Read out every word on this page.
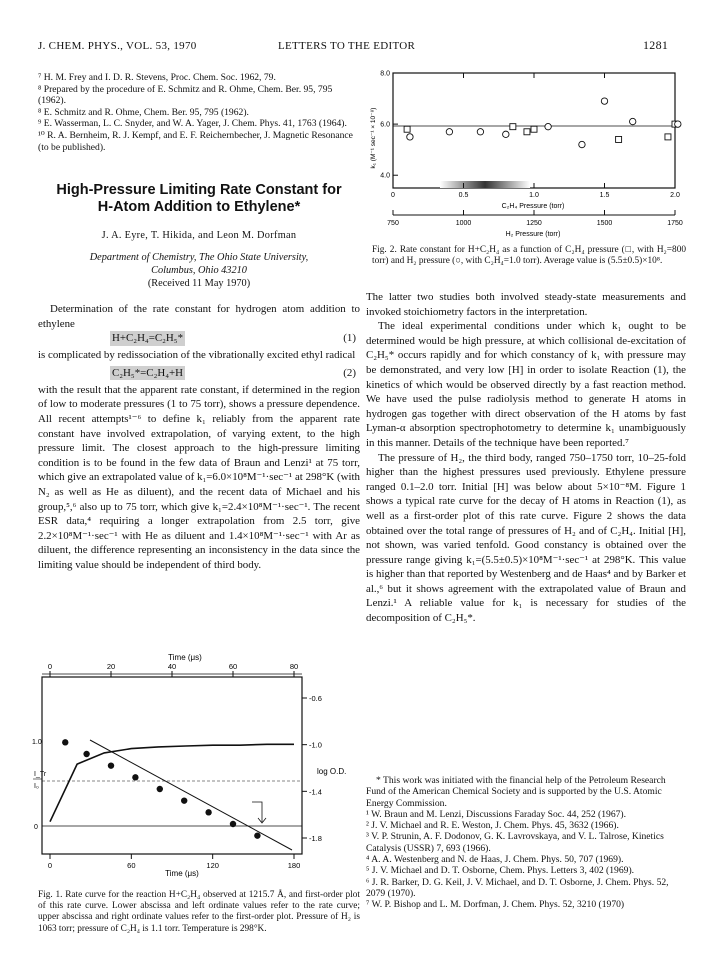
J. CHEM. PHYS., VOL. 53, 1970	LETTERS TO THE EDITOR	1281

⁷ H. M. Frey and I. D. R. Stevens, Proc. Chem. Soc. 1962, 79.

⁸ Prepared by the procedure of E. Schmitz and R. Ohme, Chem. Ber. 95, 795 (1962).

⁸ E. Schmitz and R. Ohme, Chem. Ber. 95, 795 (1962).

⁹ E. Wasserman, L. C. Snyder, and W. A. Yager, J. Chem. Phys. 41, 1763 (1964).

¹⁰ R. A. Bernheim, R. J. Kempf, and E. F. Reichernbecher, J. Magnetic Resonance (to be published).

High-Pressure Limiting Rate Constant for
H-Atom Addition to Ethylene*
J. A. Eyre, T. Hikida, and Leon M. Dorfman
Department of Chemistry, The Ohio State University,
Columbus, Ohio 43210
(Received 11 May 1970)

Determination of the rate constant for hydrogen atom addition to ethylene

H+C₂H₄=C₂H₅*	(1)

is complicated by redissociation of the vibrationally excited ethyl radical

C₂H₅*=C₂H₄+H	(2)

with the result that the apparent rate constant, if determined in the region of low to moderate pressures (1 to 75 torr), shows a pressure dependence. All recent attempts¹⁻⁶ to define k₁ reliably from the apparent rate constant have involved extrapolation, of varying extent, to the high pressure limit. The closest approach to the high-pressure limiting condition is to be found in the few data of Braun and Lenzi¹ at 75 torr, which give an extrapolated value of k₁=6.0×10⁸M⁻¹·sec⁻¹ at 298°K (with N₂ as well as He as diluent), and the recent data of Michael and his group,⁵,⁶ also up to 75 torr, which give k₁=2.4×10⁸M⁻¹·sec⁻¹. The recent ESR data,⁴ requiring a longer extrapolation from 2.5 torr, give 2.2×10⁸M⁻¹·sec⁻¹ with He as diluent and 1.4×10⁸M⁻¹·sec⁻¹ with Ar as diluent, the difference representing an inconsistency in the data since the limiting value should be independent of third body.

Time (μs)
0	20	40	60	80
-0.6
-1.0
-1.4
-1.8
log O.D.
1.0
0
I_Tr
I₀
0	60	120	180
Time (μs)
Fig. 1. Rate curve for the reaction H+C₂H₄ observed at 1215.7 Å, and first-order plot of this rate curve. Lower abscissa and left ordinate values refer to the rate curve; upper abscissa and right ordinate values refer to the first-order plot. Pressure of H₂ is 1063 torr; pressure of C₂H₄ is 1.1 torr. Temperature is 298°K.
8.0
6.0
4.0
k₁ (M⁻¹ sec⁻¹ × 10⁻⁸)
0	0.5	1.0	1.5	2.0
C₂H₄ Pressure (torr)
750	1000	1250	1500	1750
H₂ Pressure (torr)
Fig. 2. Rate constant for H+C₂H₄ as a function of C₂H₄ pressure (□, with H₂=800 torr) and H₂ pressure (○, with C₂H₄=1.0 torr). Average value is (5.5±0.5)×10⁸.

The latter two studies both involved steady-state measurements and invoked stoichiometry factors in the interpretation.

The ideal experimental conditions under which k₁ ought to be determined would be high pressure, at which collisional de-excitation of C₂H₅* occurs rapidly and for which constancy of k₁ with pressure may be demonstrated, and very low [H] in order to isolate Reaction (1), the kinetics of which would be observed directly by a fast reaction method. We have used the pulse radiolysis method to generate H atoms in hydrogen gas together with direct observation of the H atoms by fast Lyman-α absorption spectrophotometry to determine k₁ unambiguously in this manner. Details of the technique have been reported.⁷

The pressure of H₂, the third body, ranged 750–1750 torr, 10–25-fold higher than the highest pressures used previously. Ethylene pressure ranged 0.1–2.0 torr. Initial [H] was below about 5×10⁻⁸M. Figure 1 shows a typical rate curve for the decay of H atoms in Reaction (1), as well as a first-order plot of this rate curve. Figure 2 shows the data obtained over the total range of pressures of H₂ and of C₂H₄. Initial [H], not shown, was varied tenfold. Good constancy is obtained over the pressure range giving k₁=(5.5±0.5)×10⁸M⁻¹·sec⁻¹ at 298°K. This value is higher than that reported by Westenberg and de Haas⁴ and by Barker et al.,⁶ but it shows agreement with the extrapolated value of Braun and Lenzi.¹ A reliable value for k₁ is necessary for studies of the decomposition of C₂H₅*.

* This work was initiated with the financial help of the Petroleum Research Fund of the American Chemical Society and is supported by the U.S. Atomic Energy Commission.

¹ W. Braun and M. Lenzi, Discussions Faraday Soc. 44, 252 (1967).

² J. V. Michael and R. E. Weston, J. Chem. Phys. 45, 3632 (1966).

³ V. P. Strunin, A. F. Dodonov, G. K. Lavrovskaya, and V. L. Talrose, Kinetics Catalysis (USSR) 7, 693 (1966).

⁴ A. A. Westenberg and N. de Haas, J. Chem. Phys. 50, 707 (1969).

⁵ J. V. Michael and D. T. Osborne, Chem. Phys. Letters 3, 402 (1969).

⁶ J. R. Barker, D. G. Keil, J. V. Michael, and D. T. Osborne, J. Chem. Phys. 52, 2079 (1970).

⁷ W. P. Bishop and L. M. Dorfman, J. Chem. Phys. 52, 3210 (1970)
